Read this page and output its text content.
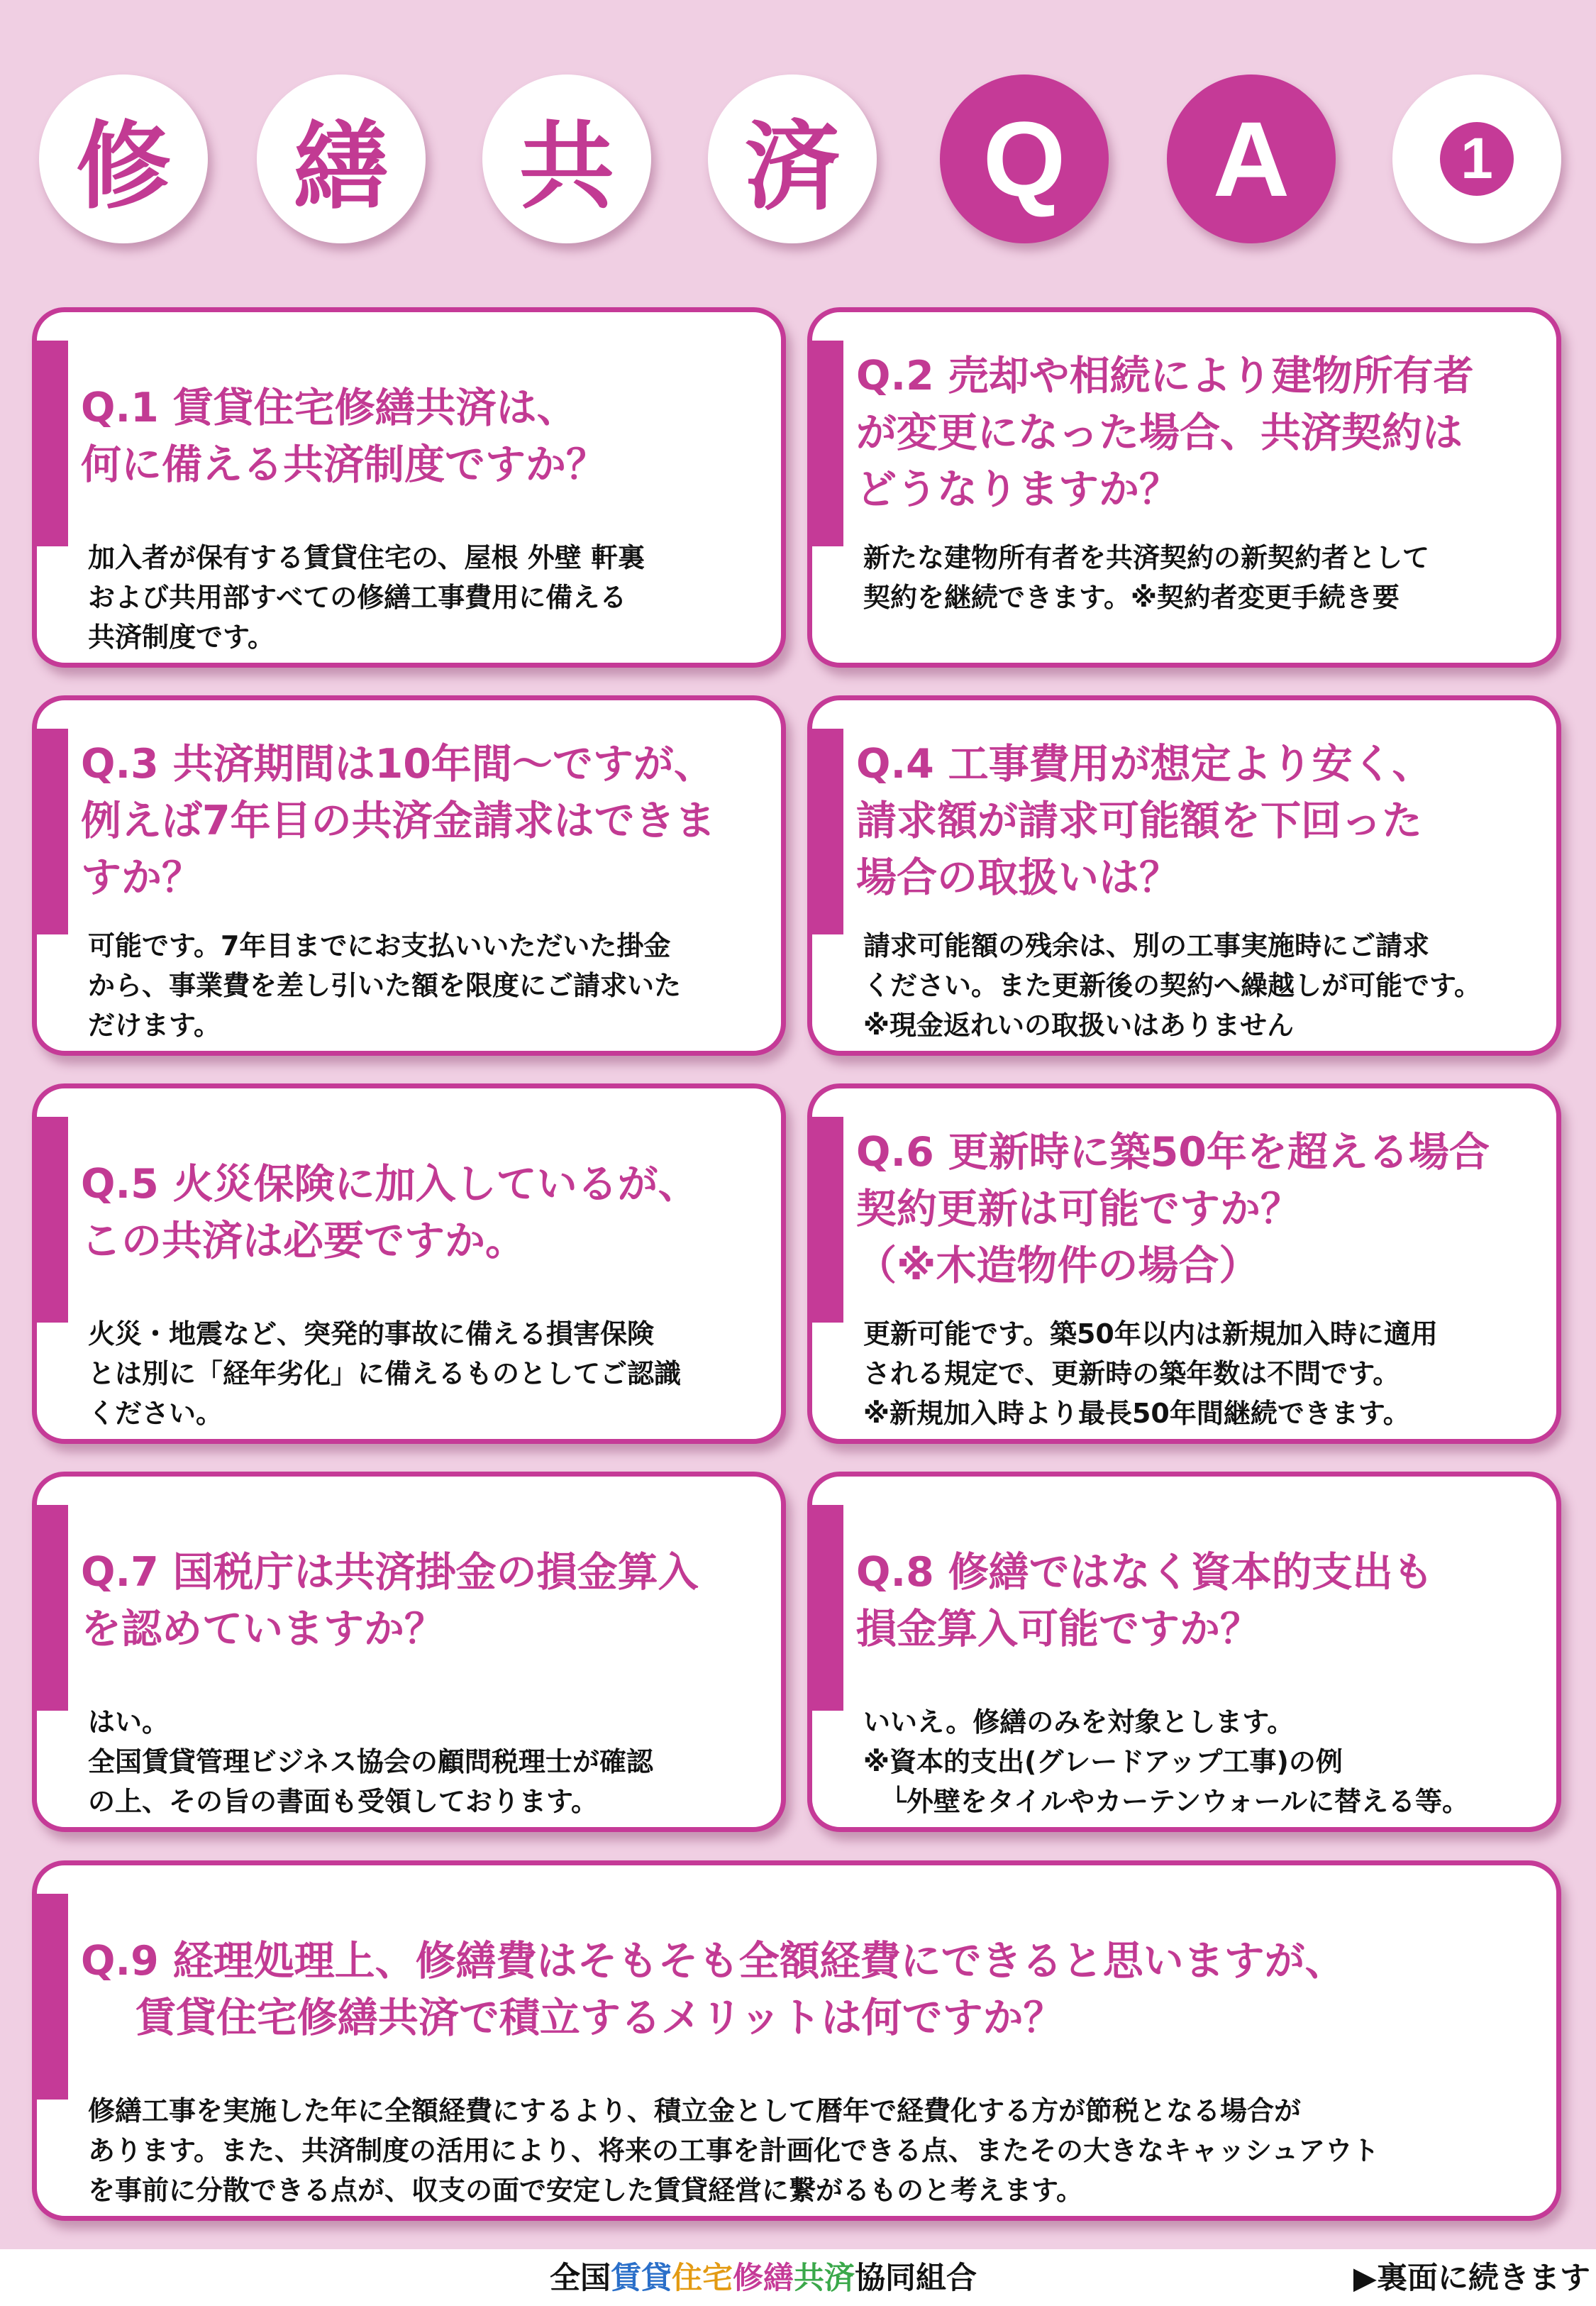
修	繕	共	済	Q	A	1
Q.1 賃貸住宅修繕共済は、
何に備える共済制度ですか？
加入者が保有する賃貸住宅の、屋根 外壁 軒裏
および共用部すべての修繕工事費用に備える
共済制度です。
Q.2 売却や相続により建物所有者
が変更になった場合、共済契約は
どうなりますか？
新たな建物所有者を共済契約の新契約者として
契約を継続できます。※契約者変更手続き要
Q.3 共済期間は10年間～ですが、
例えば7年目の共済金請求はできま
すか？
可能です。7年目までにお支払いいただいた掛金
から、事業費を差し引いた額を限度にご請求いた
だけます。
Q.4 工事費用が想定より安く、
請求額が請求可能額を下回った
場合の取扱いは？
請求可能額の残余は、別の工事実施時にご請求
ください。また更新後の契約へ繰越しが可能です。
※現金返れいの取扱いはありません
Q.5 火災保険に加入しているが、
この共済は必要ですか。
火災・地震など、突発的事故に備える損害保険
とは別に「経年劣化」に備えるものとしてご認識
ください。
Q.6 更新時に築50年を超える場合
契約更新は可能ですか？
（※木造物件の場合）
更新可能です。築50年以内は新規加入時に適用
される規定で、更新時の築年数は不問です。
※新規加入時より最長50年間継続できます。
Q.7 国税庁は共済掛金の損金算入
を認めていますか？
はい。
全国賃貸管理ビジネス協会の顧問税理士が確認
の上、その旨の書面も受領しております。
Q.8 修繕ではなく資本的支出も
損金算入可能ですか？
いいえ。修繕のみを対象とします。
※資本的支出(グレードアップ工事)の例
　└外壁をタイルやカーテンウォールに替える等。
Q.9 経理処理上、修繕費はそもそも全額経費にできると思いますが、
　 賃貸住宅修繕共済で積立するメリットは何ですか？
修繕工事を実施した年に全額経費にするより、積立金として暦年で経費化する方が節税となる場合が
あります。また、共済制度の活用により、将来の工事を計画化できる点、またその大きなキャッシュアウト
を事前に分散できる点が、収支の面で安定した賃貸経営に繋がるものと考えます。
全国賃貸住宅修繕共済協同組合	▶裏面に続きます
